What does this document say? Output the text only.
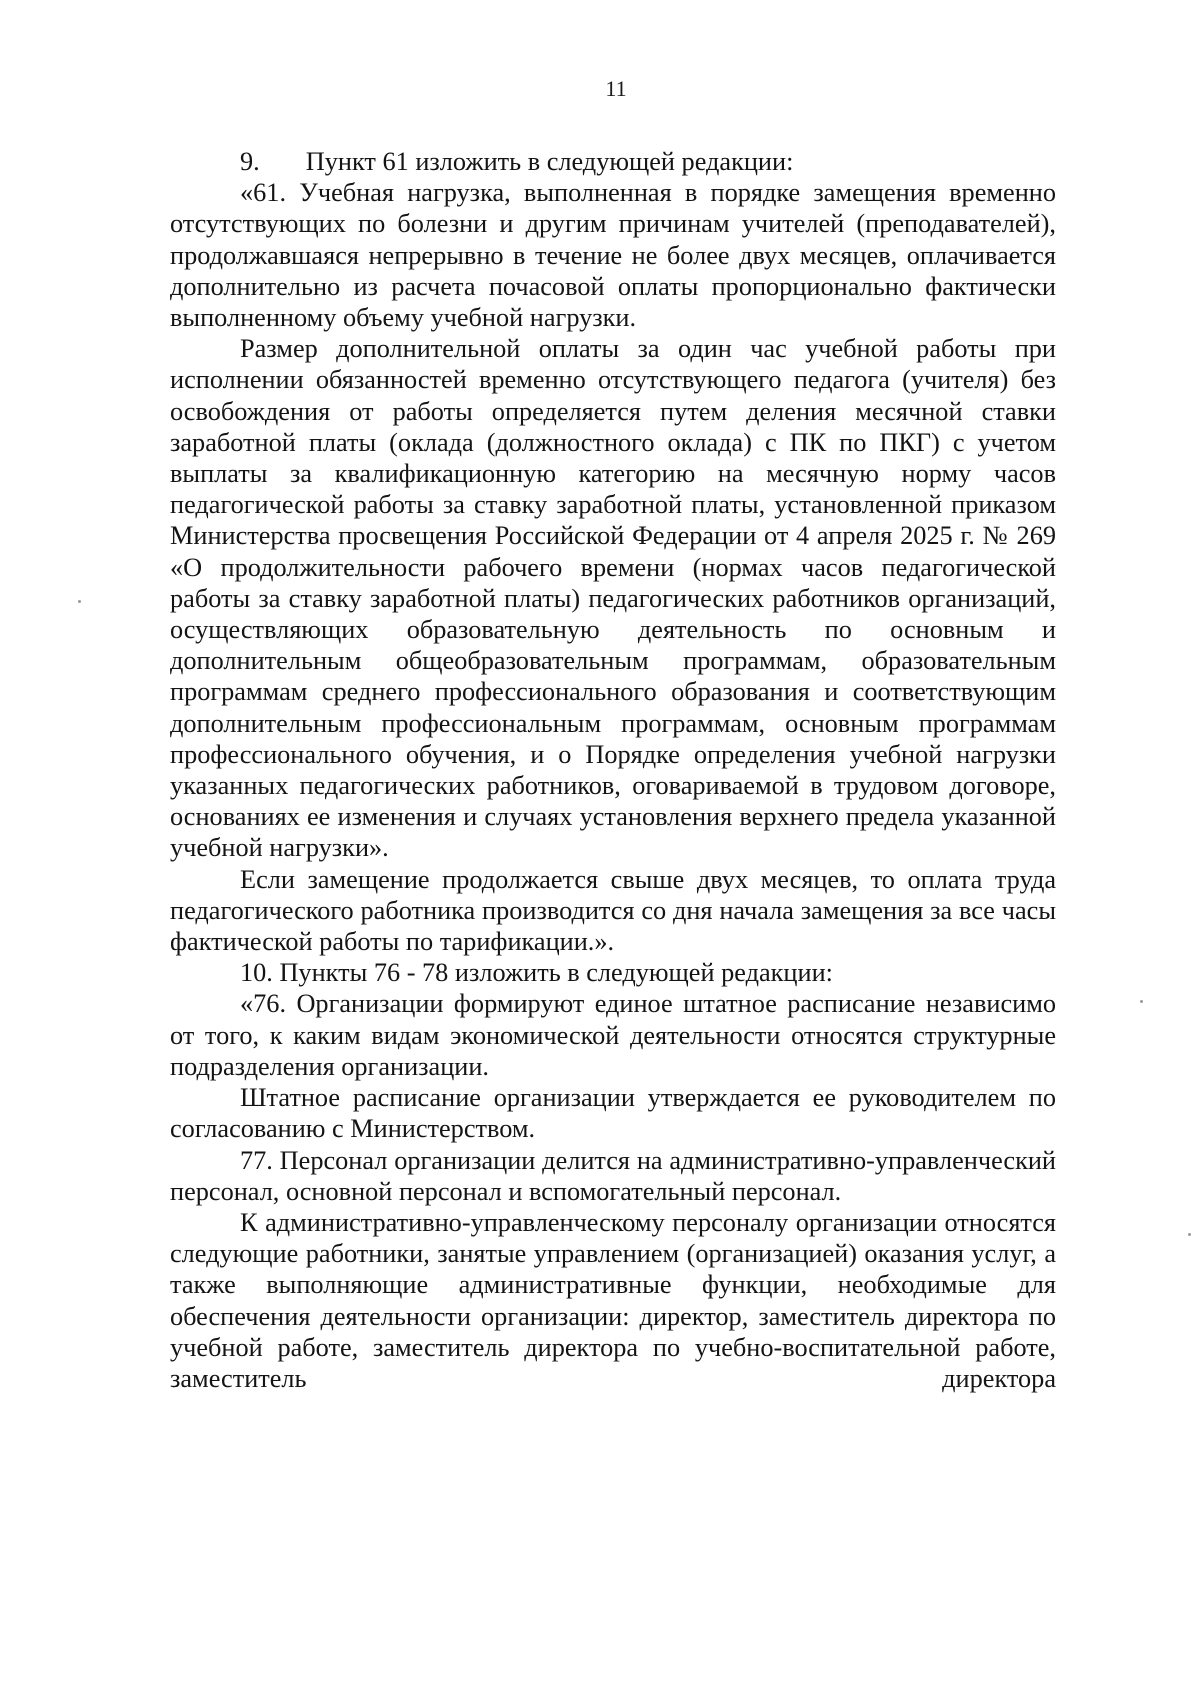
11

9.       Пункт 61 изложить в следующей редакции:

«61. Учебная нагрузка, выполненная в порядке замещения временно отсутствующих по болезни и другим причинам учителей (преподавателей), продолжавшаяся непрерывно в течение не более двух месяцев, оплачивается дополнительно из расчета почасовой оплаты пропорционально фактически выполненному объему учебной нагрузки.

Размер дополнительной оплаты за один час учебной работы при исполнении обязанностей временно отсутствующего педагога (учителя) без освобождения от работы определяется путем деления месячной ставки заработной платы (оклада (должностного оклада) с ПК по ПКГ) с учетом выплаты за квалификационную категорию на месячную норму часов педагогической работы за ставку заработной платы, установленной приказом Министерства просвещения Российской Федерации от 4 апреля 2025 г. № 269 «О продолжительности рабочего времени (нормах часов педагогической работы за ставку заработной платы) педагогических работников организаций, осуществляющих образовательную деятельность по основным и дополнительным общеобразовательным программам, образовательным программам среднего профессионального образования и соответствующим дополнительным профессиональным программам, основным программам профессионального обучения, и о Порядке определения учебной нагрузки указанных педагогических работников, оговариваемой в трудовом договоре, основаниях ее изменения и случаях установления верхнего предела указанной учебной нагрузки».

Если замещение продолжается свыше двух месяцев, то оплата труда педагогического работника производится со дня начала замещения за все часы фактической работы по тарификации.».

10. Пункты 76 - 78 изложить в следующей редакции:

«76. Организации формируют единое штатное расписание независимо от того, к каким видам экономической деятельности относятся структурные подразделения организации.

Штатное расписание организации утверждается ее руководителем по согласованию с Министерством.

77. Персонал организации делится на административно-управленческий персонал, основной персонал и вспомогательный персонал.

К административно-управленческому персоналу организации относятся следующие работники, занятые управлением (организацией) оказания услуг, а также выполняющие административные функции, необходимые для обеспечения деятельности организации: директор, заместитель директора по учебной работе, заместитель директора по учебно-воспитательной работе, заместитель директора
